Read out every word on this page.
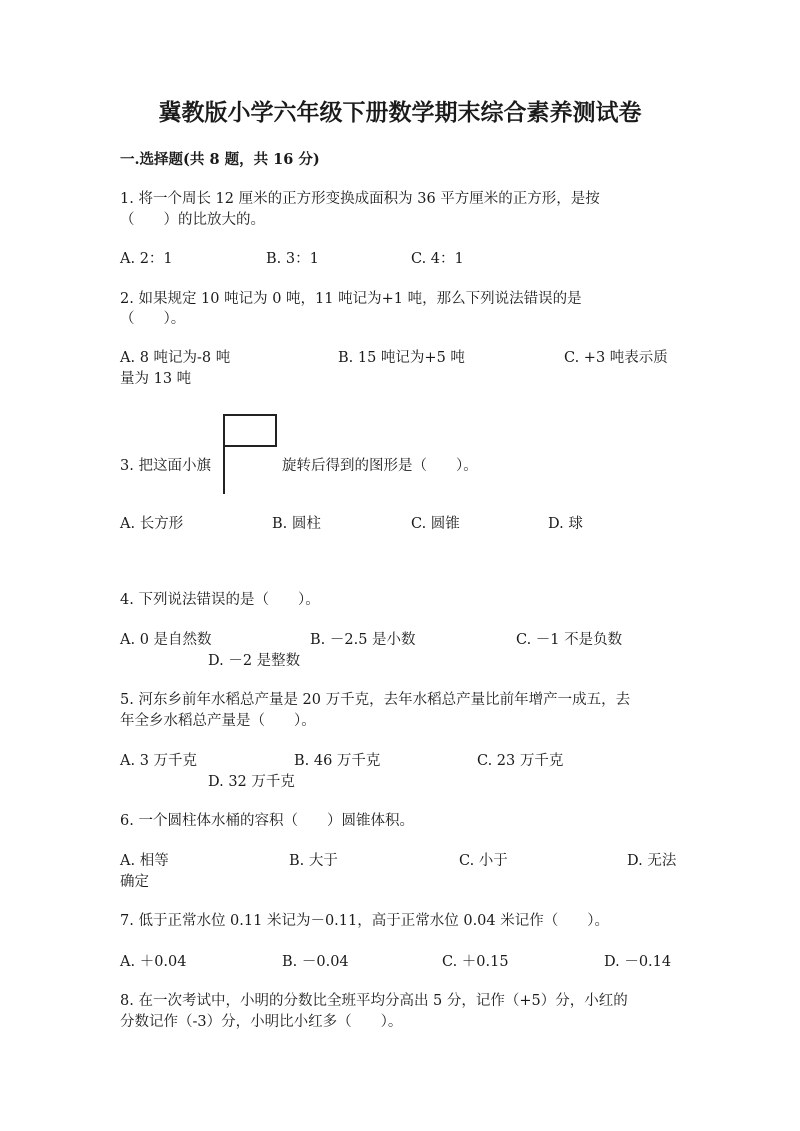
冀教版小学六年级下册数学期末综合素养测试卷
一.选择题(共 8 题，共 16 分)
1. 将一个周长 12 厘米的正方形变换成面积为 36 平方厘米的正方形，是按
（　　）的比放大的。
A. 2：1	B. 3：1	C. 4：1
2. 如果规定 10 吨记为 0 吨，11 吨记为+1 吨，那么下列说法错误的是
（　　）。
A. 8 吨记为-8 吨	B. 15 吨记为+5 吨	C. +3 吨表示质
量为 13 吨
3. 把这面小旗	旋转后得到的图形是（　　）。
A. 长方形	B. 圆柱	C. 圆锥	D. 球
4. 下列说法错误的是（　　）。
A. 0 是自然数	B. －2.5 是小数	C. －1 不是负数
D. －2 是整数
5. 河东乡前年水稻总产量是 20 万千克，去年水稻总产量比前年增产一成五，去
年全乡水稻总产量是（　　）。
A. 3 万千克	B. 46 万千克	C. 23 万千克
D. 32 万千克
6. 一个圆柱体水桶的容积（　　）圆锥体积。
A. 相等	B. 大于	C. 小于	D. 无法
确定
7. 低于正常水位 0.11 米记为－0.11，高于正常水位 0.04 米记作（　　）。
A. ＋0.04	B. －0.04	C. ＋0.15	D. －0.14
8. 在一次考试中，小明的分数比全班平均分高出 5 分，记作（+5）分，小红的
分数记作（-3）分，小明比小红多（　　）。
